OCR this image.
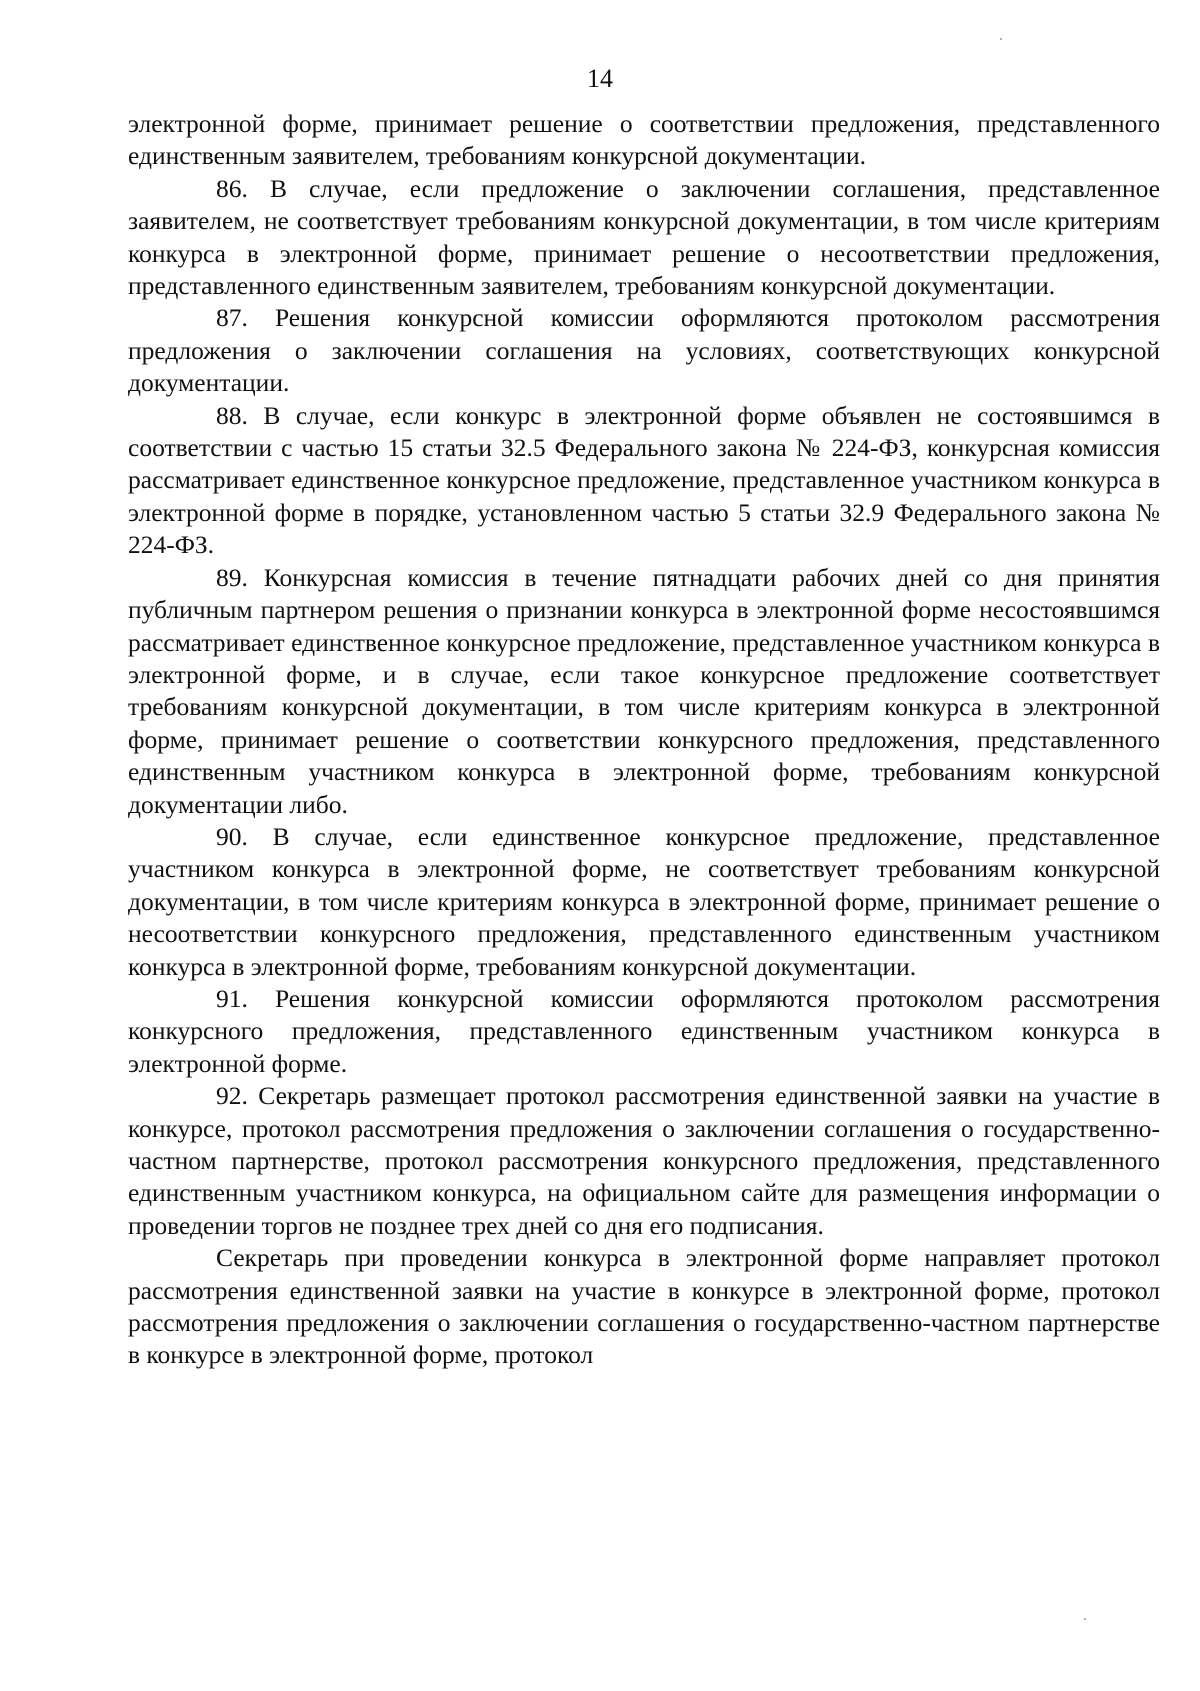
14

электронной форме, принимает решение о соответствии предложения, представленного единственным заявителем, требованиям конкурсной документации.

86. В случае, если предложение о заключении соглашения, представленное заявителем, не соответствует требованиям конкурсной документации, в том числе критериям конкурса в электронной форме, принимает решение о несоответствии предложения, представленного единственным заявителем, требованиям конкурсной документации.

87. Решения конкурсной комиссии оформляются протоколом рассмотрения предложения о заключении соглашения на условиях, соответствующих конкурсной документации.

88. В случае, если конкурс в электронной форме объявлен не состоявшимся в соответствии с частью 15 статьи 32.5 Федерального закона № 224-ФЗ, конкурсная комиссия рассматривает единственное конкурсное предложение, представленное участником конкурса в электронной форме в порядке, установленном частью 5 статьи 32.9 Федерального закона № 224-ФЗ.

89. Конкурсная комиссия в течение пятнадцати рабочих дней со дня принятия публичным партнером решения о признании конкурса в электронной форме несостоявшимся рассматривает единственное конкурсное предложение, представленное участником конкурса в электронной форме, и в случае, если такое конкурсное предложение соответствует требованиям конкурсной документации, в том числе критериям конкурса в электронной форме, принимает решение о соответствии конкурсного предложения, представленного единственным участником конкурса в электронной форме, требованиям конкурсной документации либо.

90. В случае, если единственное конкурсное предложение, представленное участником конкурса в электронной форме, не соответствует требованиям конкурсной документации, в том числе критериям конкурса в электронной форме, принимает решение о несоответствии конкурсного предложения, представленного единственным участником конкурса в электронной форме, требованиям конкурсной документации.

91. Решения конкурсной комиссии оформляются протоколом рассмотрения конкурсного предложения, представленного единственным участником конкурса в электронной форме.

92. Секретарь размещает протокол рассмотрения единственной заявки на участие в конкурсе, протокол рассмотрения предложения о заключении соглашения о государственно-частном партнерстве, протокол рассмотрения конкурсного предложения, представленного единственным участником конкурса, на официальном сайте для размещения информации о проведении торгов не позднее трех дней со дня его подписания.

Секретарь при проведении конкурса в электронной форме направляет протокол рассмотрения единственной заявки на участие в конкурсе в электронной форме, протокол рассмотрения предложения о заключении соглашения о государственно-частном партнерстве в конкурсе в электронной форме, протокол
